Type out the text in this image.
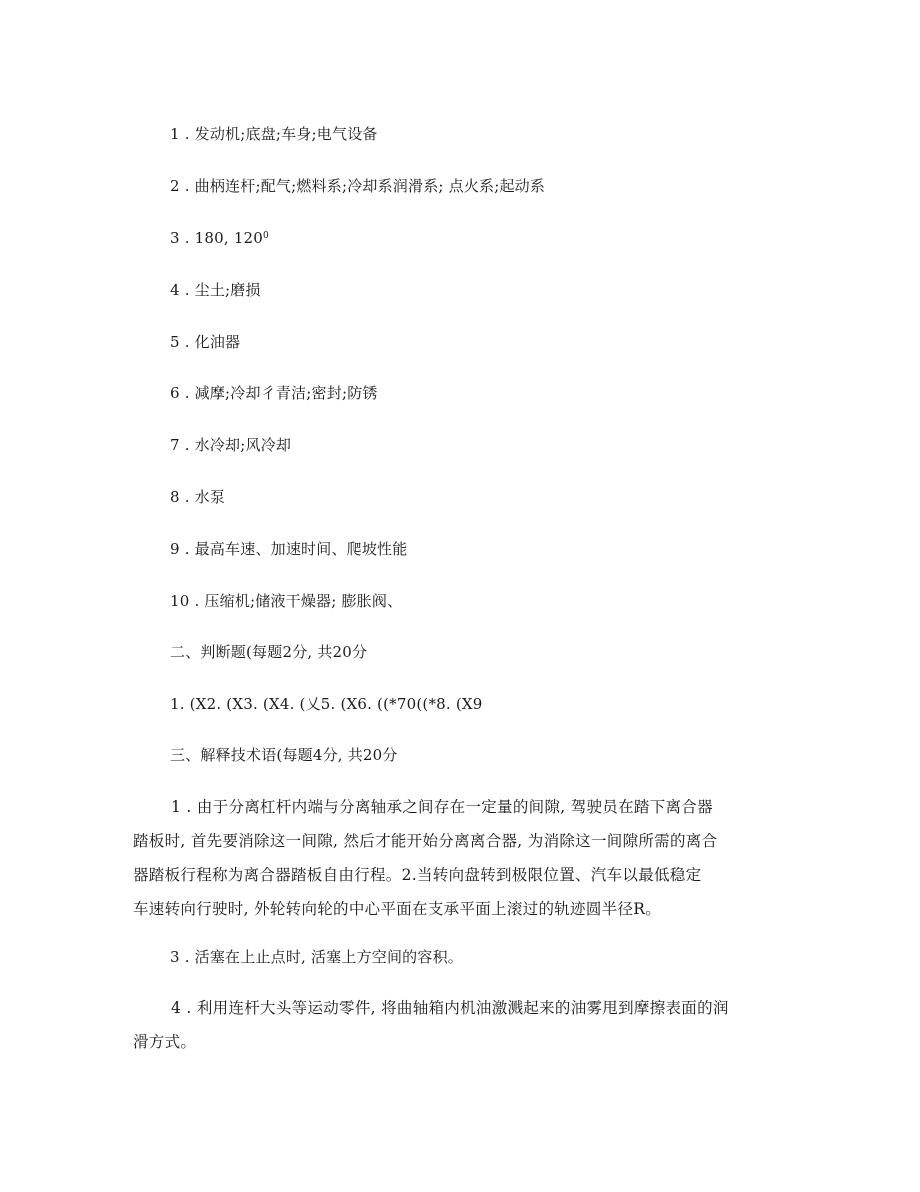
1 . 发动机;底盘;车身;电气设备
2 . 曲柄连杆;配气;燃料系;冷却系润滑系; 点火系;起动系
3 . 180, $120^0$
4 . 尘土;磨损
5 . 化油器
6 . 减摩;冷却彳青洁;密封;防锈
7 . 水冷却;风冷却
8 . 水泵
9 . 最高车速、加速时间、爬坡性能
10 . 压缩机;储液干燥器; 膨胀阀、
二、判断题(每题2分, 共20分
1. (X2. (X3. (X4. (乂5. (X6. ((*70((*8. (X9
三、解释技术语(每题4分, 共20分
1 . 由于分离杠杆内端与分离轴承之间存在一定量的间隙, 驾驶员在踏下离合器
踏板时, 首先要消除这一间隙, 然后才能开始分离离合器, 为消除这一间隙所需的离合
器踏板行程称为离合器踏板自由行程。2.当转向盘转到极限位置、汽车以最低稳定
车速转向行驶时, 外轮转向轮的中心平面在支承平面上滚过的轨迹圆半径R。
3 . 活塞在上止点时, 活塞上方空间的容积。
4 . 利用连杆大头等运动零件, 将曲轴箱内机油激溅起来的油雾甩到摩擦表面的润
滑方式。
